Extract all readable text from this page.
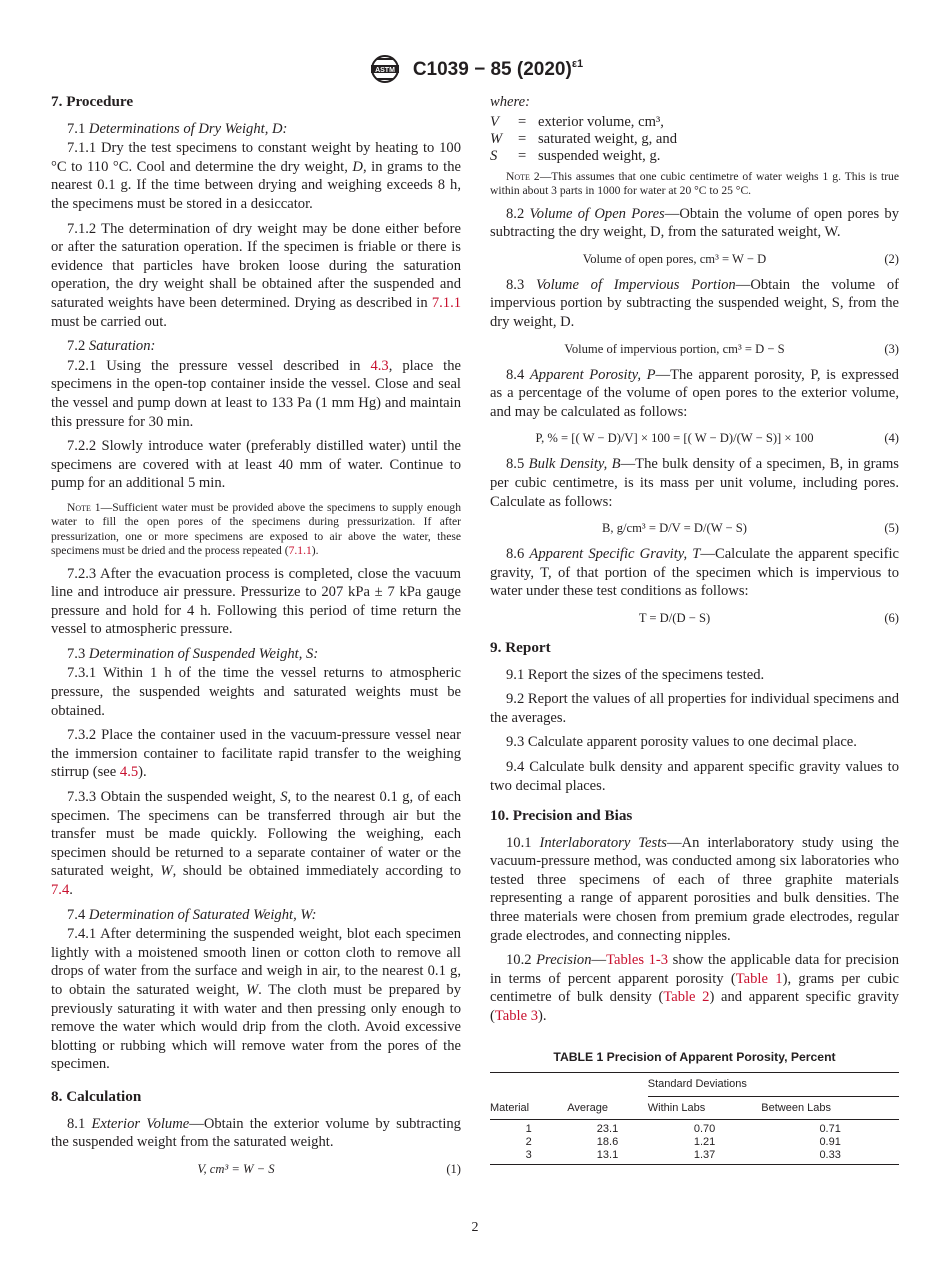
ASTM C1039 − 85 $(2020)^{\varepsilon 1}$
7. Procedure

7.1 Determinations of Dry Weight, D:

7.1.1 Dry the test specimens to constant weight by heating to 100 °C to 110 °C. Cool and determine the dry weight, D, in grams to the nearest 0.1 g. If the time between drying and weighing exceeds 8 h, the specimens must be stored in a desiccator.

7.1.2 The determination of dry weight may be done either before or after the saturation operation. If the specimen is friable or there is evidence that particles have broken loose during the saturation operation, the dry weight shall be obtained after the suspended and saturated weights have been determined. Drying as described in 7.1.1 must be carried out.

7.2 Saturation:

7.2.1 Using the pressure vessel described in 4.3, place the specimens in the open-top container inside the vessel. Close and seal the vessel and pump down at least to 133 Pa (1 mm Hg) and maintain this pressure for 30 min.

7.2.2 Slowly introduce water (preferably distilled water) until the specimens are covered with at least 40 mm of water. Continue to pump for an additional 5 min.

Note 1—Sufficient water must be provided above the specimens to supply enough water to fill the open pores of the specimens during pressurization. If after pressurization, one or more specimens are exposed to air above the water, these specimens must be dried and the process repeated (7.1.1).

7.2.3 After the evacuation process is completed, close the vacuum line and introduce air pressure. Pressurize to 207 kPa ± 7 kPa gauge pressure and hold for 4 h. Following this period of time return the vessel to atmospheric pressure.

7.3 Determination of Suspended Weight, S:

7.3.1 Within 1 h of the time the vessel returns to atmospheric pressure, the suspended weights and saturated weights must be obtained.

7.3.2 Place the container used in the vacuum-pressure vessel near the immersion container to facilitate rapid transfer to the weighing stirrup (see 4.5).

7.3.3 Obtain the suspended weight, S, to the nearest 0.1 g, of each specimen. The specimens can be transferred through air but the transfer must be made quickly. Following the weighing, each specimen should be returned to a separate container of water or the saturated weight, W, should be obtained immediately according to 7.4.

7.4 Determination of Saturated Weight, W:

7.4.1 After determining the suspended weight, blot each specimen lightly with a moistened smooth linen or cotton cloth to remove all drops of water from the surface and weigh in air, to the nearest 0.1 g, to obtain the saturated weight, W. The cloth must be prepared by previously saturating it with water and then pressing only enough to remove the water which would drip from the cloth. Avoid excessive blotting or rubbing which will remove water from the pores of the specimen.

8. Calculation

8.1 Exterior Volume—Obtain the exterior volume by subtracting the suspended weight from the saturated weight.

V, cm³ = W − S	(1)
where:
V	= exterior volume, cm³,
W	= saturated weight, g, and
S	= suspended weight, g.
Note 2—This assumes that one cubic centimetre of water weighs 1 g. This is true within about 3 parts in 1000 for water at 20 °C to 25 °C.

8.2 Volume of Open Pores—Obtain the volume of open pores by subtracting the dry weight, D, from the saturated weight, W.

Volume of open pores, cm³ = W − D	(2)

8.3 Volume of Impervious Portion—Obtain the volume of impervious portion by subtracting the suspended weight, S, from the dry weight, D.

Volume of impervious portion, cm³ = D − S	(3)

8.4 Apparent Porosity, P—The apparent porosity, P, is expressed as a percentage of the volume of open pores to the exterior volume, and may be calculated as follows:

P, % = [( W − D)/V] × 100 = [( W − D)/(W − S)] × 100	(4)

8.5 Bulk Density, B—The bulk density of a specimen, B, in grams per cubic centimetre, is its mass per unit volume, including pores. Calculate as follows:

B, g/cm³ = D/V = D/(W − S)	(5)

8.6 Apparent Specific Gravity, T—Calculate the apparent specific gravity, T, of that portion of the specimen which is impervious to water under these test conditions as follows:

T = D/(D − S)	(6)
9. Report

9.1 Report the sizes of the specimens tested.

9.2 Report the values of all properties for individual specimens and the averages.

9.3 Calculate apparent porosity values to one decimal place.

9.4 Calculate bulk density and apparent specific gravity values to two decimal places.

10. Precision and Bias

10.1 Interlaboratory Tests—An interlaboratory study using the vacuum-pressure method, was conducted among six laboratories who tested three specimens of each of three graphite materials representing a range of apparent porosities and bulk densities. The three materials were chosen from premium grade electrodes, regular grade electrodes, and connecting nipples.

10.2 Precision—Tables 1-3 show the applicable data for precision in terms of percent apparent porosity (Table 1), grams per cubic centimetre of bulk density (Table 2) and apparent specific gravity (Table 3).

TABLE 1 Precision of Apparent Porosity, Percent
		Standard Deviations	
Material	Average	Within Labs	Between Labs
1	23.1	0.70	0.71
2	18.6	1.21	0.91
3	13.1	1.37	0.33
2
